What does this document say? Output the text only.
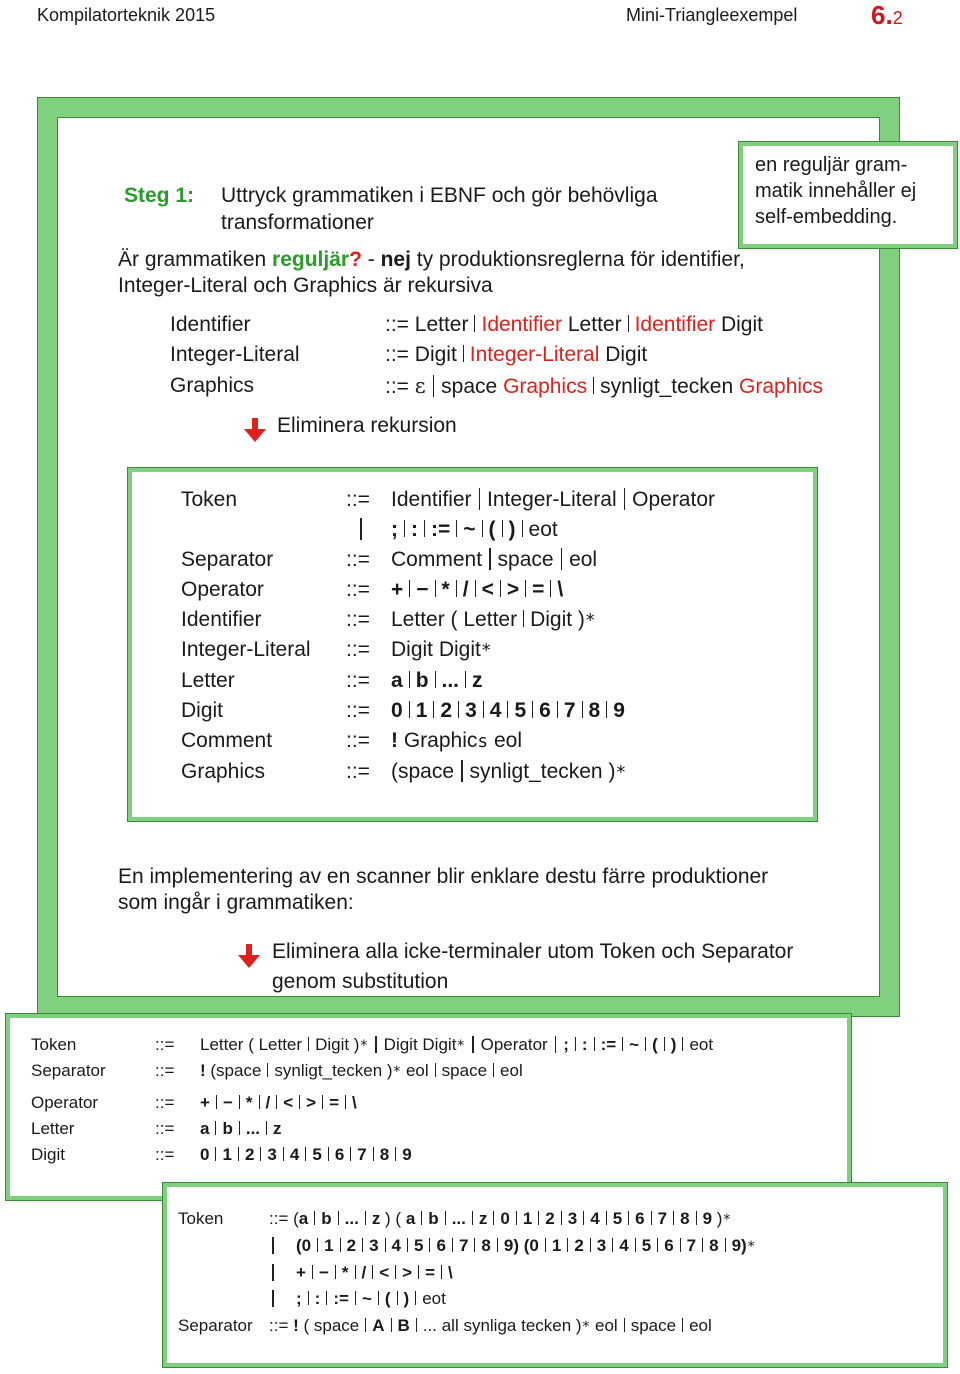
Kompilatorteknik 2015	Mini-Triangleexempel	6.2
en reguljär gram-
matik innehåller ej
self-embedding.
Steg 1: Uttryck grammatiken i EBNF och gör behövliga
transformationer
Är grammatiken reguljär? - nej ty produktionsreglerna för identifier,
Integer-Literal och Graphics är rekursiva
Identifier	::= Letter Identifier Letter Identifier Digit
Integer-Literal	::= Digit Integer-Literal Digit
Graphics	::= ε space Graphics synligt_tecken Graphics
Eliminera rekursion
Token	::= Identifier Integer-Literal Operator
; : := ~ ( ) eot
Separator	::= Comment space eol
Operator	::= + − * / < > = \
Identifier	::= Letter ( Letter Digit )*
Integer-Literal ::= Digit Digit*
Letter	::= a b ... z
Digit	::= 0 1 2 3 4 5 6 7 8 9
Comment	::= ! Graphics eol
Graphics	::= (space synligt_tecken )*
En implementering av en scanner blir enklare destu färre produktioner
som ingår i grammatiken:
Eliminera alla icke-terminaler utom Token och Separator
genom substitution
Token	::= Letter ( Letter Digit )* Digit Digit* Operator ; : := ~ ( ) eot
Separator	::= ! (space synligt_tecken )* eol space eol
Operator	::= + − * / < > = \
Letter	::= a b ... z
Digit	::= 0 1 2 3 4 5 6 7 8 9
Token	::= (a b ... z ) ( a b ... z 0 1 2 3 4 5 6 7 8 9 )*
(0 1 2 3 4 5 6 7 8 9) (0 1 2 3 4 5 6 7 8 9)*
+ − * / < > = \
; : := ~ ( ) eot
Separator ::= ! ( space A B ... all synliga tecken )* eol space eol
